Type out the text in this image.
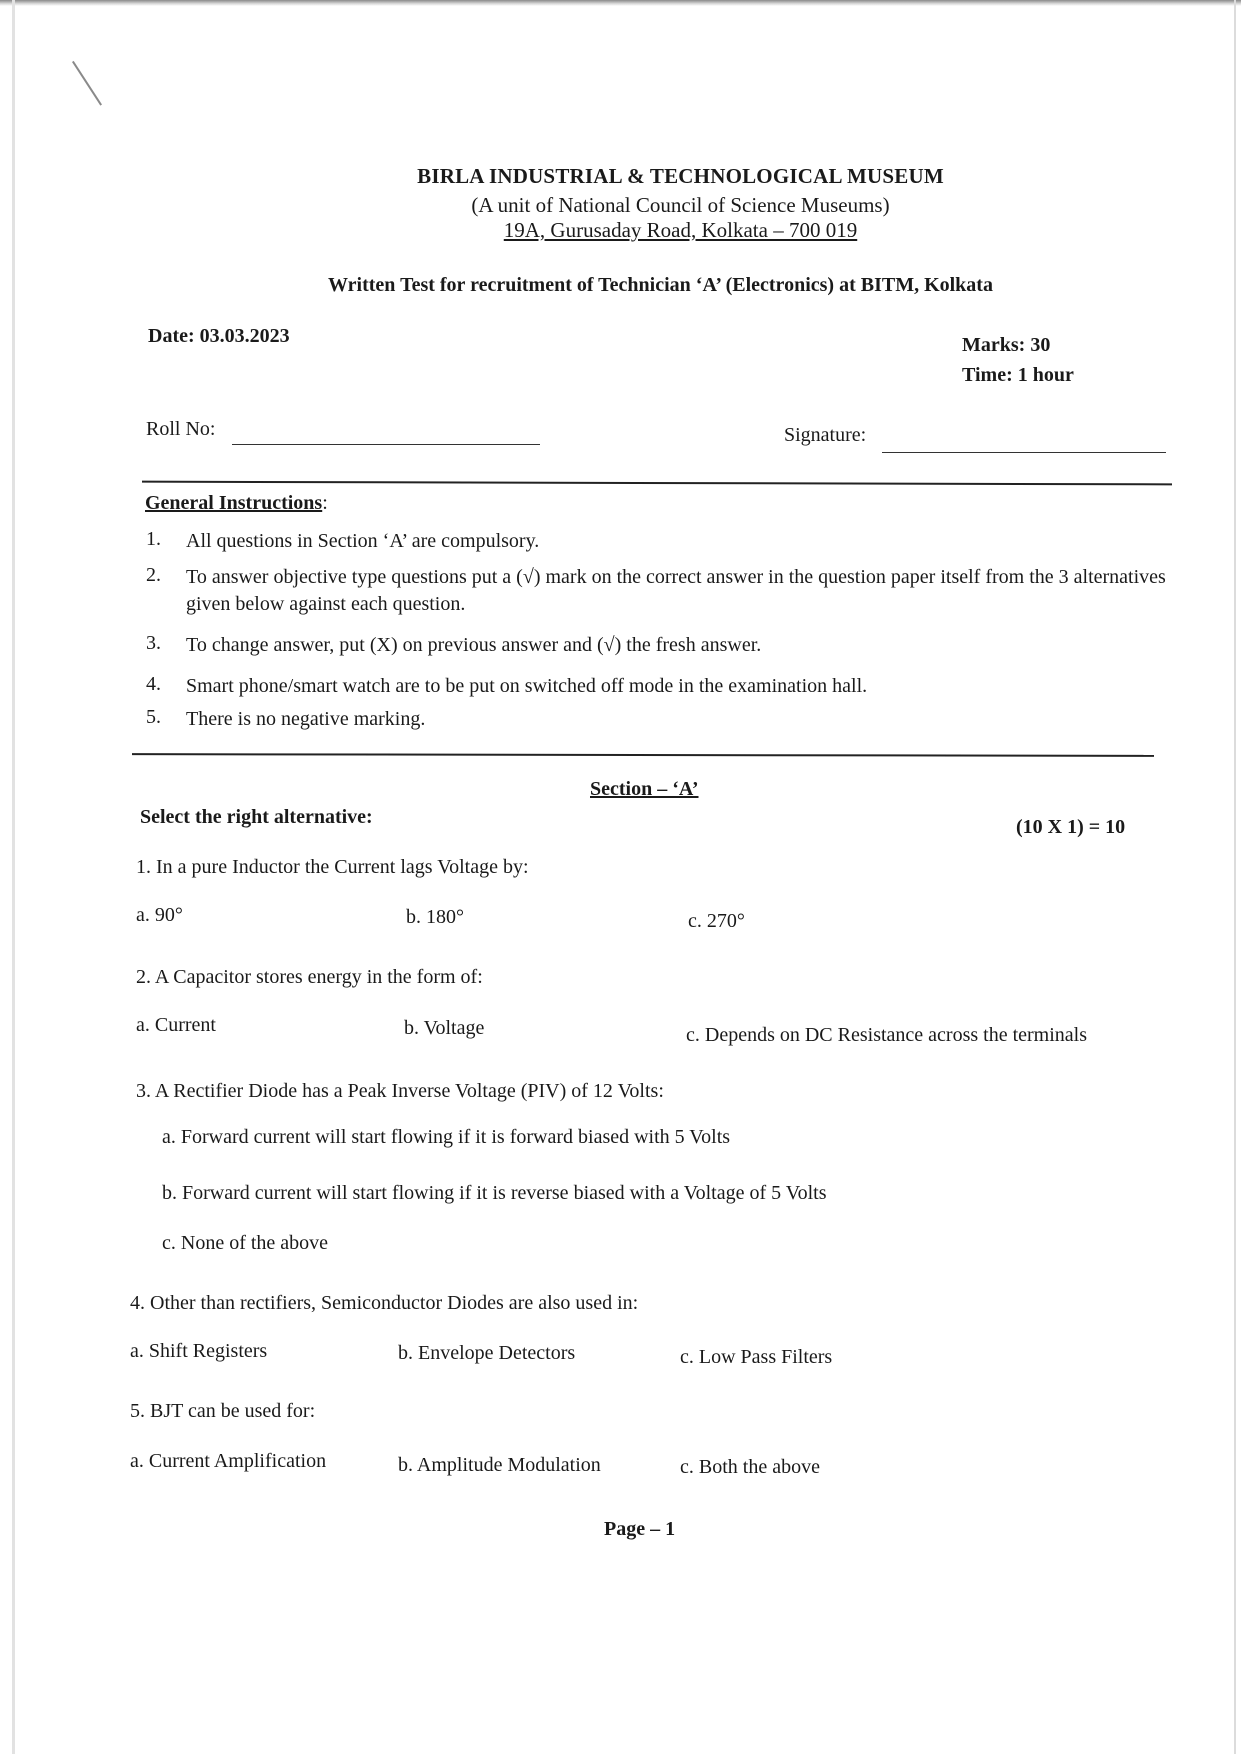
BIRLA INDUSTRIAL & TECHNOLOGICAL MUSEUM
(A unit of National Council of Science Museums)
19A, Gurusaday Road, Kolkata – 700 019
Written Test for recruitment of Technician ‘A’ (Electronics) at BITM, Kolkata
Date: 03.03.2023	Marks: 30
Time: 1 hour
Roll No:	Signature:
General Instructions:
1. All questions in Section ‘A’ are compulsory.
2. To answer objective type questions put a (√) mark on the correct answer in the question paper itself from the 3 alternatives given below against each question.
3. To change answer, put (X) on previous answer and (√) the fresh answer.
4. Smart phone/smart watch are to be put on switched off mode in the examination hall.
5. There is no negative marking.
Section – ‘A’
Select the right alternative:	(10 X 1) = 10
1. In a pure Inductor the Current lags Voltage by:
a. 90°	b. 180°	c. 270°
2. A Capacitor stores energy in the form of:
a. Current	b. Voltage	c. Depends on DC Resistance across the terminals
3. A Rectifier Diode has a Peak Inverse Voltage (PIV) of 12 Volts:
a. Forward current will start flowing if it is forward biased with 5 Volts
b. Forward current will start flowing if it is reverse biased with a Voltage of 5 Volts
c. None of the above
4. Other than rectifiers, Semiconductor Diodes are also used in:
a. Shift Registers	b. Envelope Detectors	c. Low Pass Filters
5. BJT can be used for:
a. Current Amplification	b. Amplitude Modulation	c. Both the above
Page – 1
